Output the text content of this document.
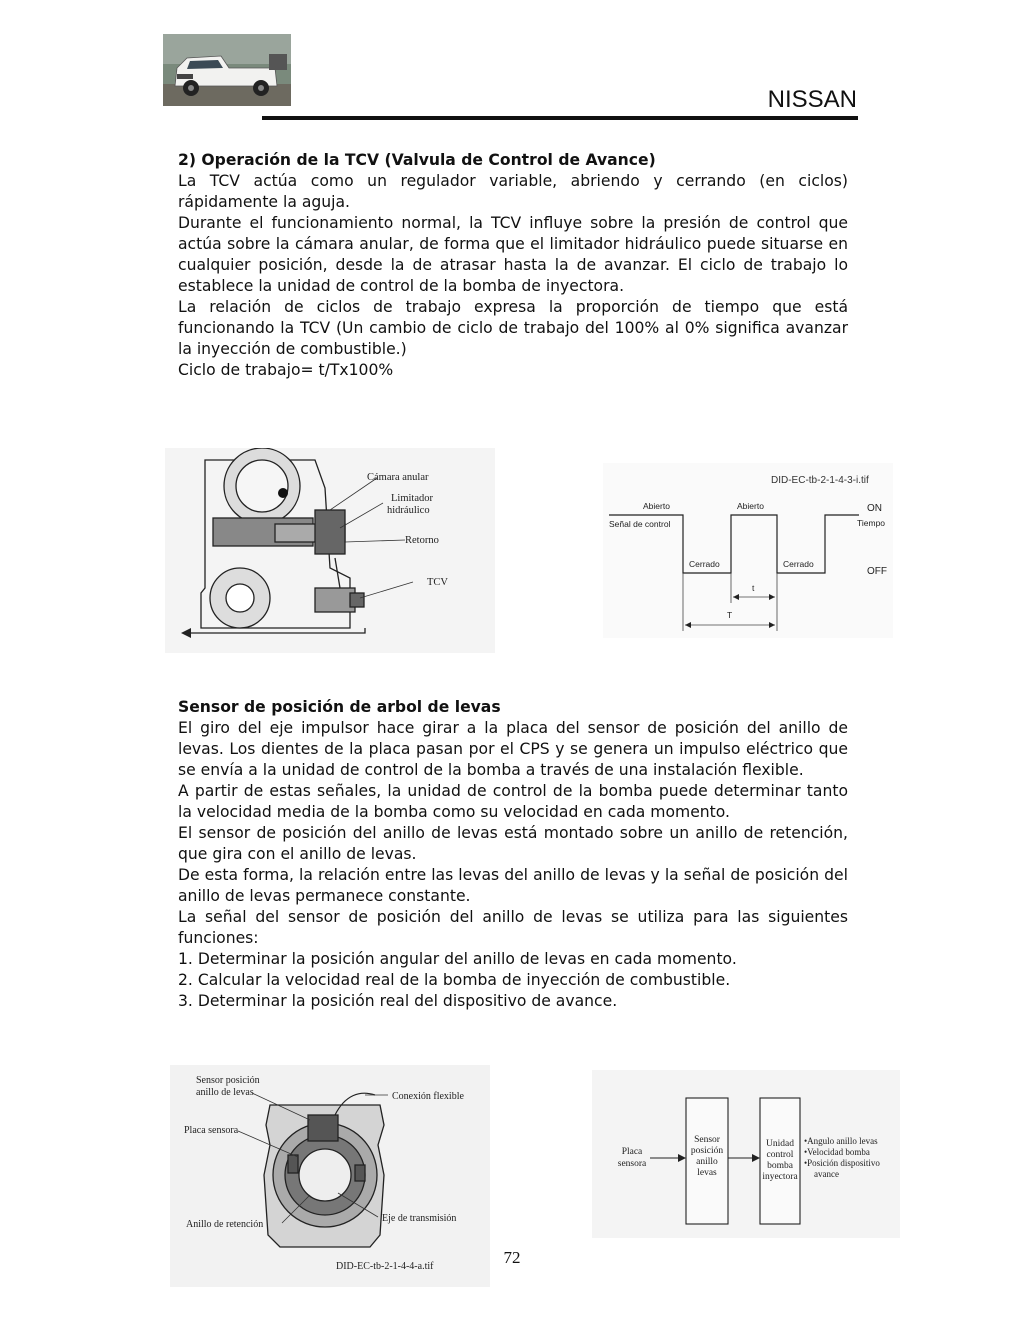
NISSAN

2) Operación de la TCV (Valvula de Control de Avance)

La TCV actúa como un regulador variable, abriendo y cerrando (en ciclos) rápidamente la aguja.

Durante el funcionamiento normal, la TCV influye sobre la presión de control que actúa sobre la cámara anular, de forma que el limitador hidráulico puede situarse en cualquier posición, desde la de atrasar hasta la de avanzar. El ciclo de trabajo lo establece la unidad de control de la bomba de inyectora.

La relación de ciclos de trabajo expresa la proporción de tiempo que está funcionando la TCV (Un cambio de ciclo de trabajo del 100% al 0% significa avanzar la inyección de combustible.)

Ciclo de trabajo= t/Tx100%

Cámara anular
Limitador
hidráulico
Retorno
TCV
DID-EC-tb-2-1-4-3-i.tif
Abierto	Abierto
Señal de control
ON
Tiempo
Cerrado	Cerrado
OFF
t
T

Sensor de posición de arbol de levas

El giro del eje impulsor hace girar a la placa del sensor de posición del anillo de levas. Los dientes de la placa pasan por el CPS y se genera un impulso eléctrico que se envía a la unidad de control de la bomba a través de una instalación flexible.

A partir de estas señales, la unidad de control de la bomba puede determinar tanto la velocidad media de la bomba como su velocidad en cada momento.

El sensor de posición del anillo de levas está montado sobre un anillo de retención, que gira con el anillo de levas.

De esta forma, la relación entre las levas del anillo de levas y la señal de posición del anillo de levas permanece constante.

La señal del sensor de posición del anillo de levas se utiliza para las siguientes funciones:

1. Determinar la posición angular del anillo de levas en cada momento.

2. Calcular la velocidad real de la bomba de inyección de combustible.

3. Determinar la posición real del dispositivo de avance.

Sensor posición
anillo de levas	Conexión flexible
Placa sensora
Anillo de retención
Eje de transmisión
DID-EC-tb-2-1-4-4-a.tif
Placa
sensora
Sensor
posición
anillo
levas
Unidad
control
bomba
inyectora
•Angulo anillo levas
•Velocidad bomba
•Posición dispositivo
avance
72
